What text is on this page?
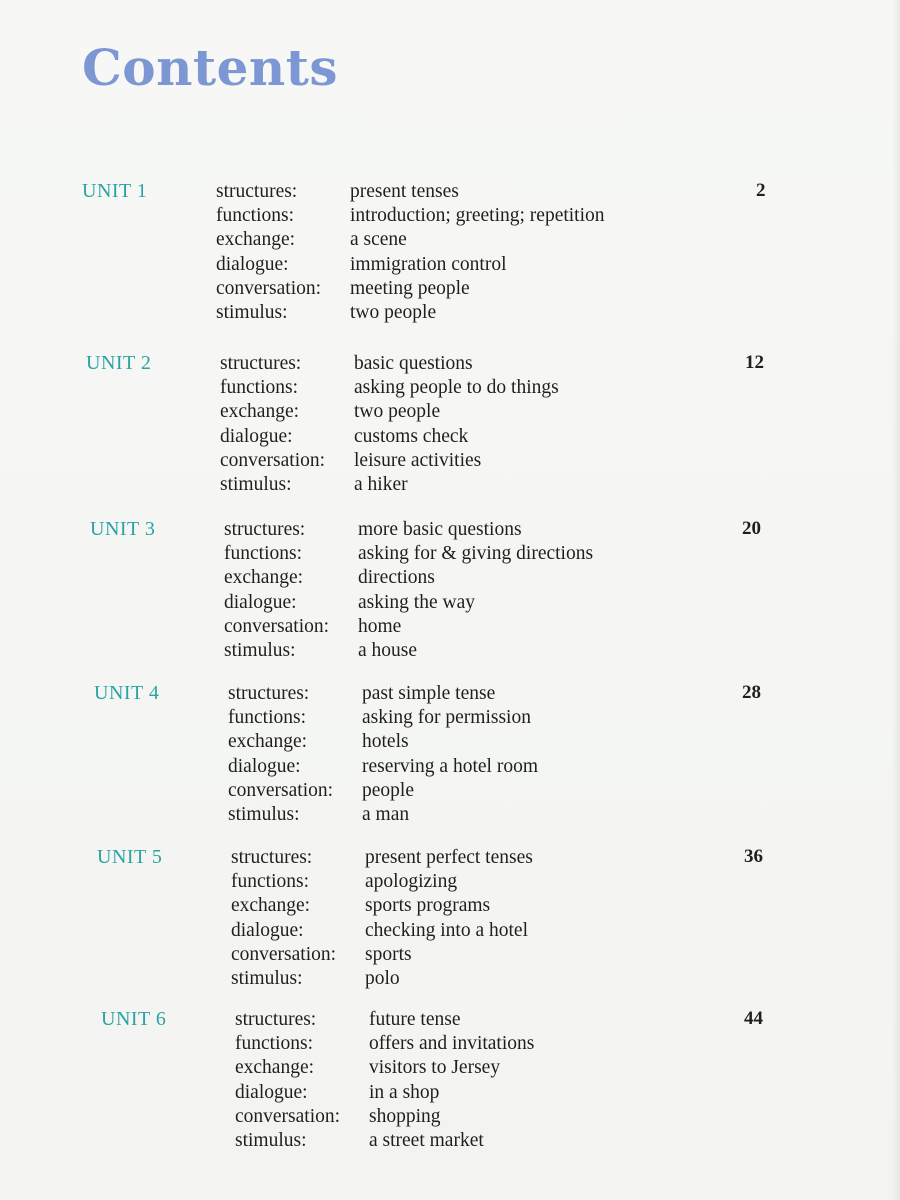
Contents
UNIT 1	structures:	present tenses
functions:	introduction; greeting; repetition
exchange:	a scene
dialogue:	immigration control
conversation:	meeting people
stimulus:	two people
2
UNIT 2	structures:	basic questions
functions:	asking people to do things
exchange:	two people
dialogue:	customs check
conversation:	leisure activities
stimulus:	a hiker
12
UNIT 3	structures:	more basic questions
functions:	asking for & giving directions
exchange:	directions
dialogue:	asking the way
conversation:	home
stimulus:	a house
20
UNIT 4	structures:	past simple tense
functions:	asking for permission
exchange:	hotels
dialogue:	reserving a hotel room
conversation:	people
stimulus:	a man
28
UNIT 5	structures:	present perfect tenses
functions:	apologizing
exchange:	sports programs
dialogue:	checking into a hotel
conversation:	sports
stimulus:	polo
36
UNIT 6	structures:	future tense
functions:	offers and invitations
exchange:	visitors to Jersey
dialogue:	in a shop
conversation:	shopping
stimulus:	a street market
44
